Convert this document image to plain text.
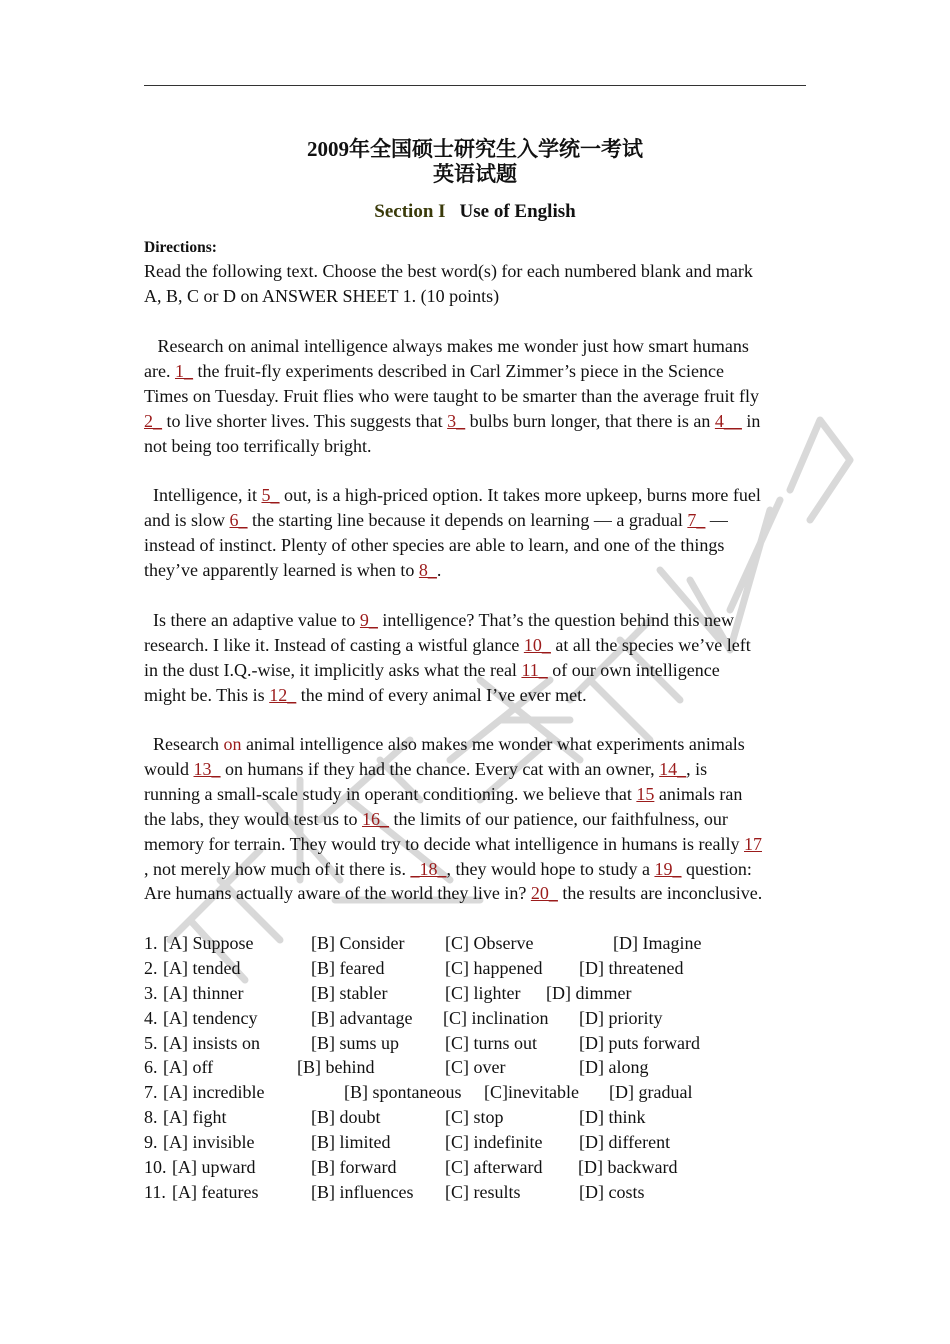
2009年全国硕士研究生入学统一考试
英语试题
Section I Use of English
Directions:
Read the following text. Choose the best word(s) for each numbered blank and mark
A, B, C or D on ANSWER SHEET 1. (10 points)
Research on animal intelligence always makes me wonder just how smart humans
are. 1_ the fruit-fly experiments described in Carl Zimmer’s piece in the Science
Times on Tuesday. Fruit flies who were taught to be smarter than the average fruit fly
2_ to live shorter lives. This suggests that 3_ bulbs burn longer, that there is an 4__ in
not being too terrifically bright.
Intelligence, it 5_ out, is a high-priced option. It takes more upkeep, burns more fuel
and is slow 6_ the starting line because it depends on learning — a gradual 7_ —
instead of instinct. Plenty of other species are able to learn, and one of the things
they’ve apparently learned is when to 8_.
Is there an adaptive value to 9_ intelligence? That’s the question behind this new
research. I like it. Instead of casting a wistful glance 10_ at all the species we’ve left
in the dust I.Q.-wise, it implicitly asks what the real 11_ of our own intelligence
might be. This is 12_ the mind of every animal I’ve ever met.
Research on animal intelligence also makes me wonder what experiments animals
would 13_ on humans if they had the chance. Every cat with an owner, 14_, is
running a small-scale study in operant conditioning. we believe that 15 animals ran
the labs, they would test us to 16_ the limits of our patience, our faithfulness, our
memory for terrain. They would try to decide what intelligence in humans is really 17
, not merely how much of it there is. _18_, they would hope to study a 19_ question:
Are humans actually aware of the world they live in? 20_ the results are inconclusive.
1. [A] Suppose	[B] Consider [C] Observe	[D] Imagine
2. [A] tended	[B] feared	[C] happened [D] threatened
3. [A] thinner	[B] stabler	[C] lighter [D] dimmer
4. [A] tendency	[B] advantage [C] inclination [D] priority
5. [A] insists on	[B] sums up	[C] turns out [D] puts forward
6. [A] off	[B] behind	[C] over	[D] along
7. [A] incredible	[B] spontaneous [C]inevitable [D] gradual
8. [A] fight	[B] doubt	[C] stop	[D] think
9. [A] invisible	[B] limited	[C] indefinite [D] different
10. [A] upward	[B] forward	[C] afterward [D] backward
11. [A] features	[B] influences [C] results	[D] costs
